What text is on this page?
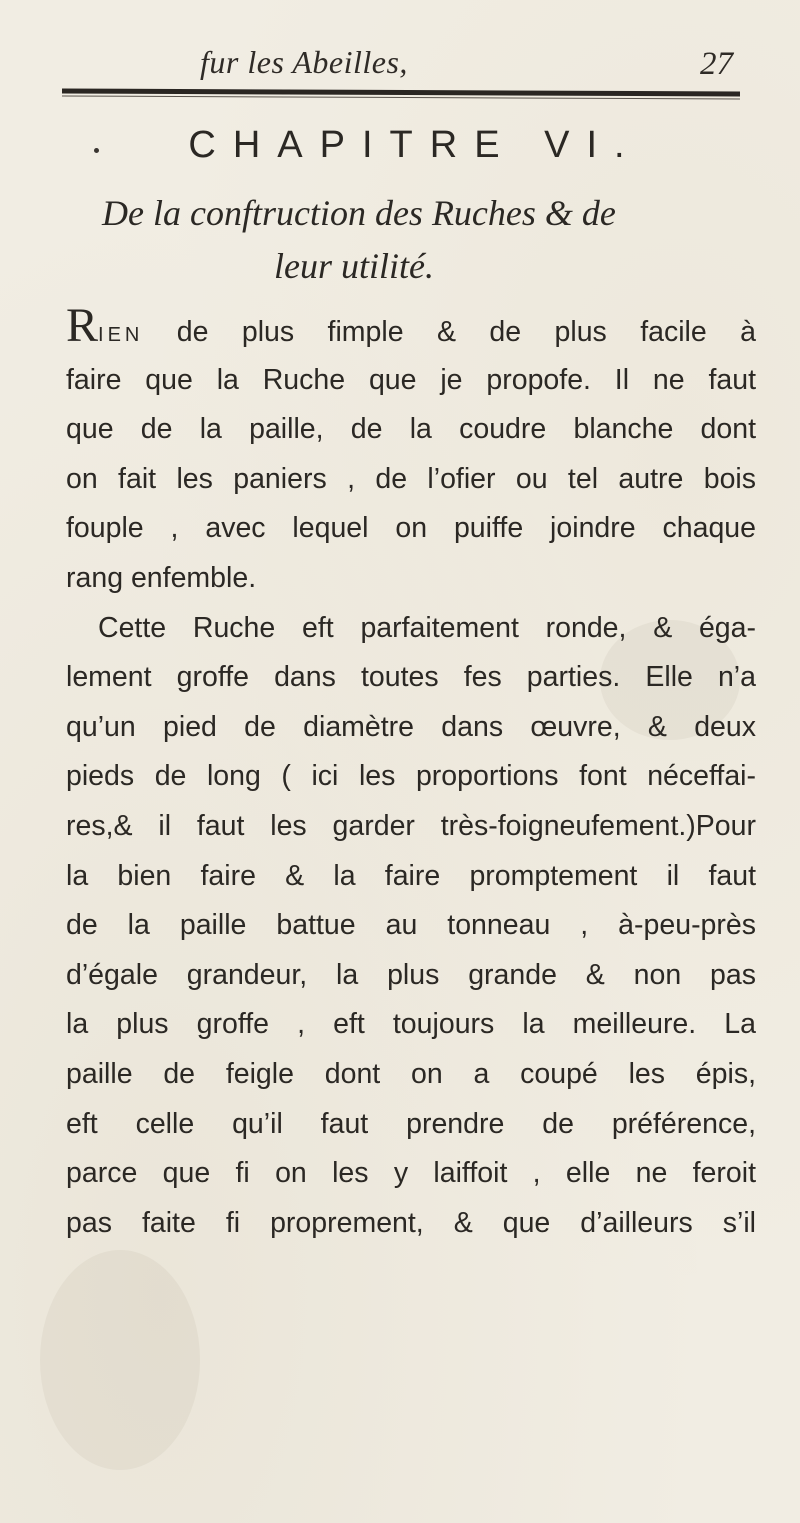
fur les Abeilles,	27
CHAPITRE VI.
De la conftruction des Ruches & de
leur utilité.
RIEN de plus fimple & de plus facile à
faire que la Ruche que je propofe. Il ne faut
que de la paille, de la coudre blanche dont
on fait les paniers , de l’ofier ou tel autre bois
fouple , avec lequel on puiffe joindre chaque
rang enfemble.
Cette Ruche eft parfaitement ronde, & éga-
lement groffe dans toutes fes parties. Elle n’a
qu’un pied de diamètre dans œuvre, & deux
pieds de long ( ici les proportions font néceffai-
res,& il faut les garder très-foigneufement.)Pour
la bien faire & la faire promptement il faut
de la paille battue au tonneau , à-peu-près
d’égale grandeur, la plus grande & non pas
la plus groffe , eft toujours la meilleure. La
paille de feigle dont on a coupé les épis,
eft celle qu’il faut prendre de préférence,
parce que fi on les y laiffoit , elle ne feroit
pas faite fi proprement, & que d’ailleurs s’il
